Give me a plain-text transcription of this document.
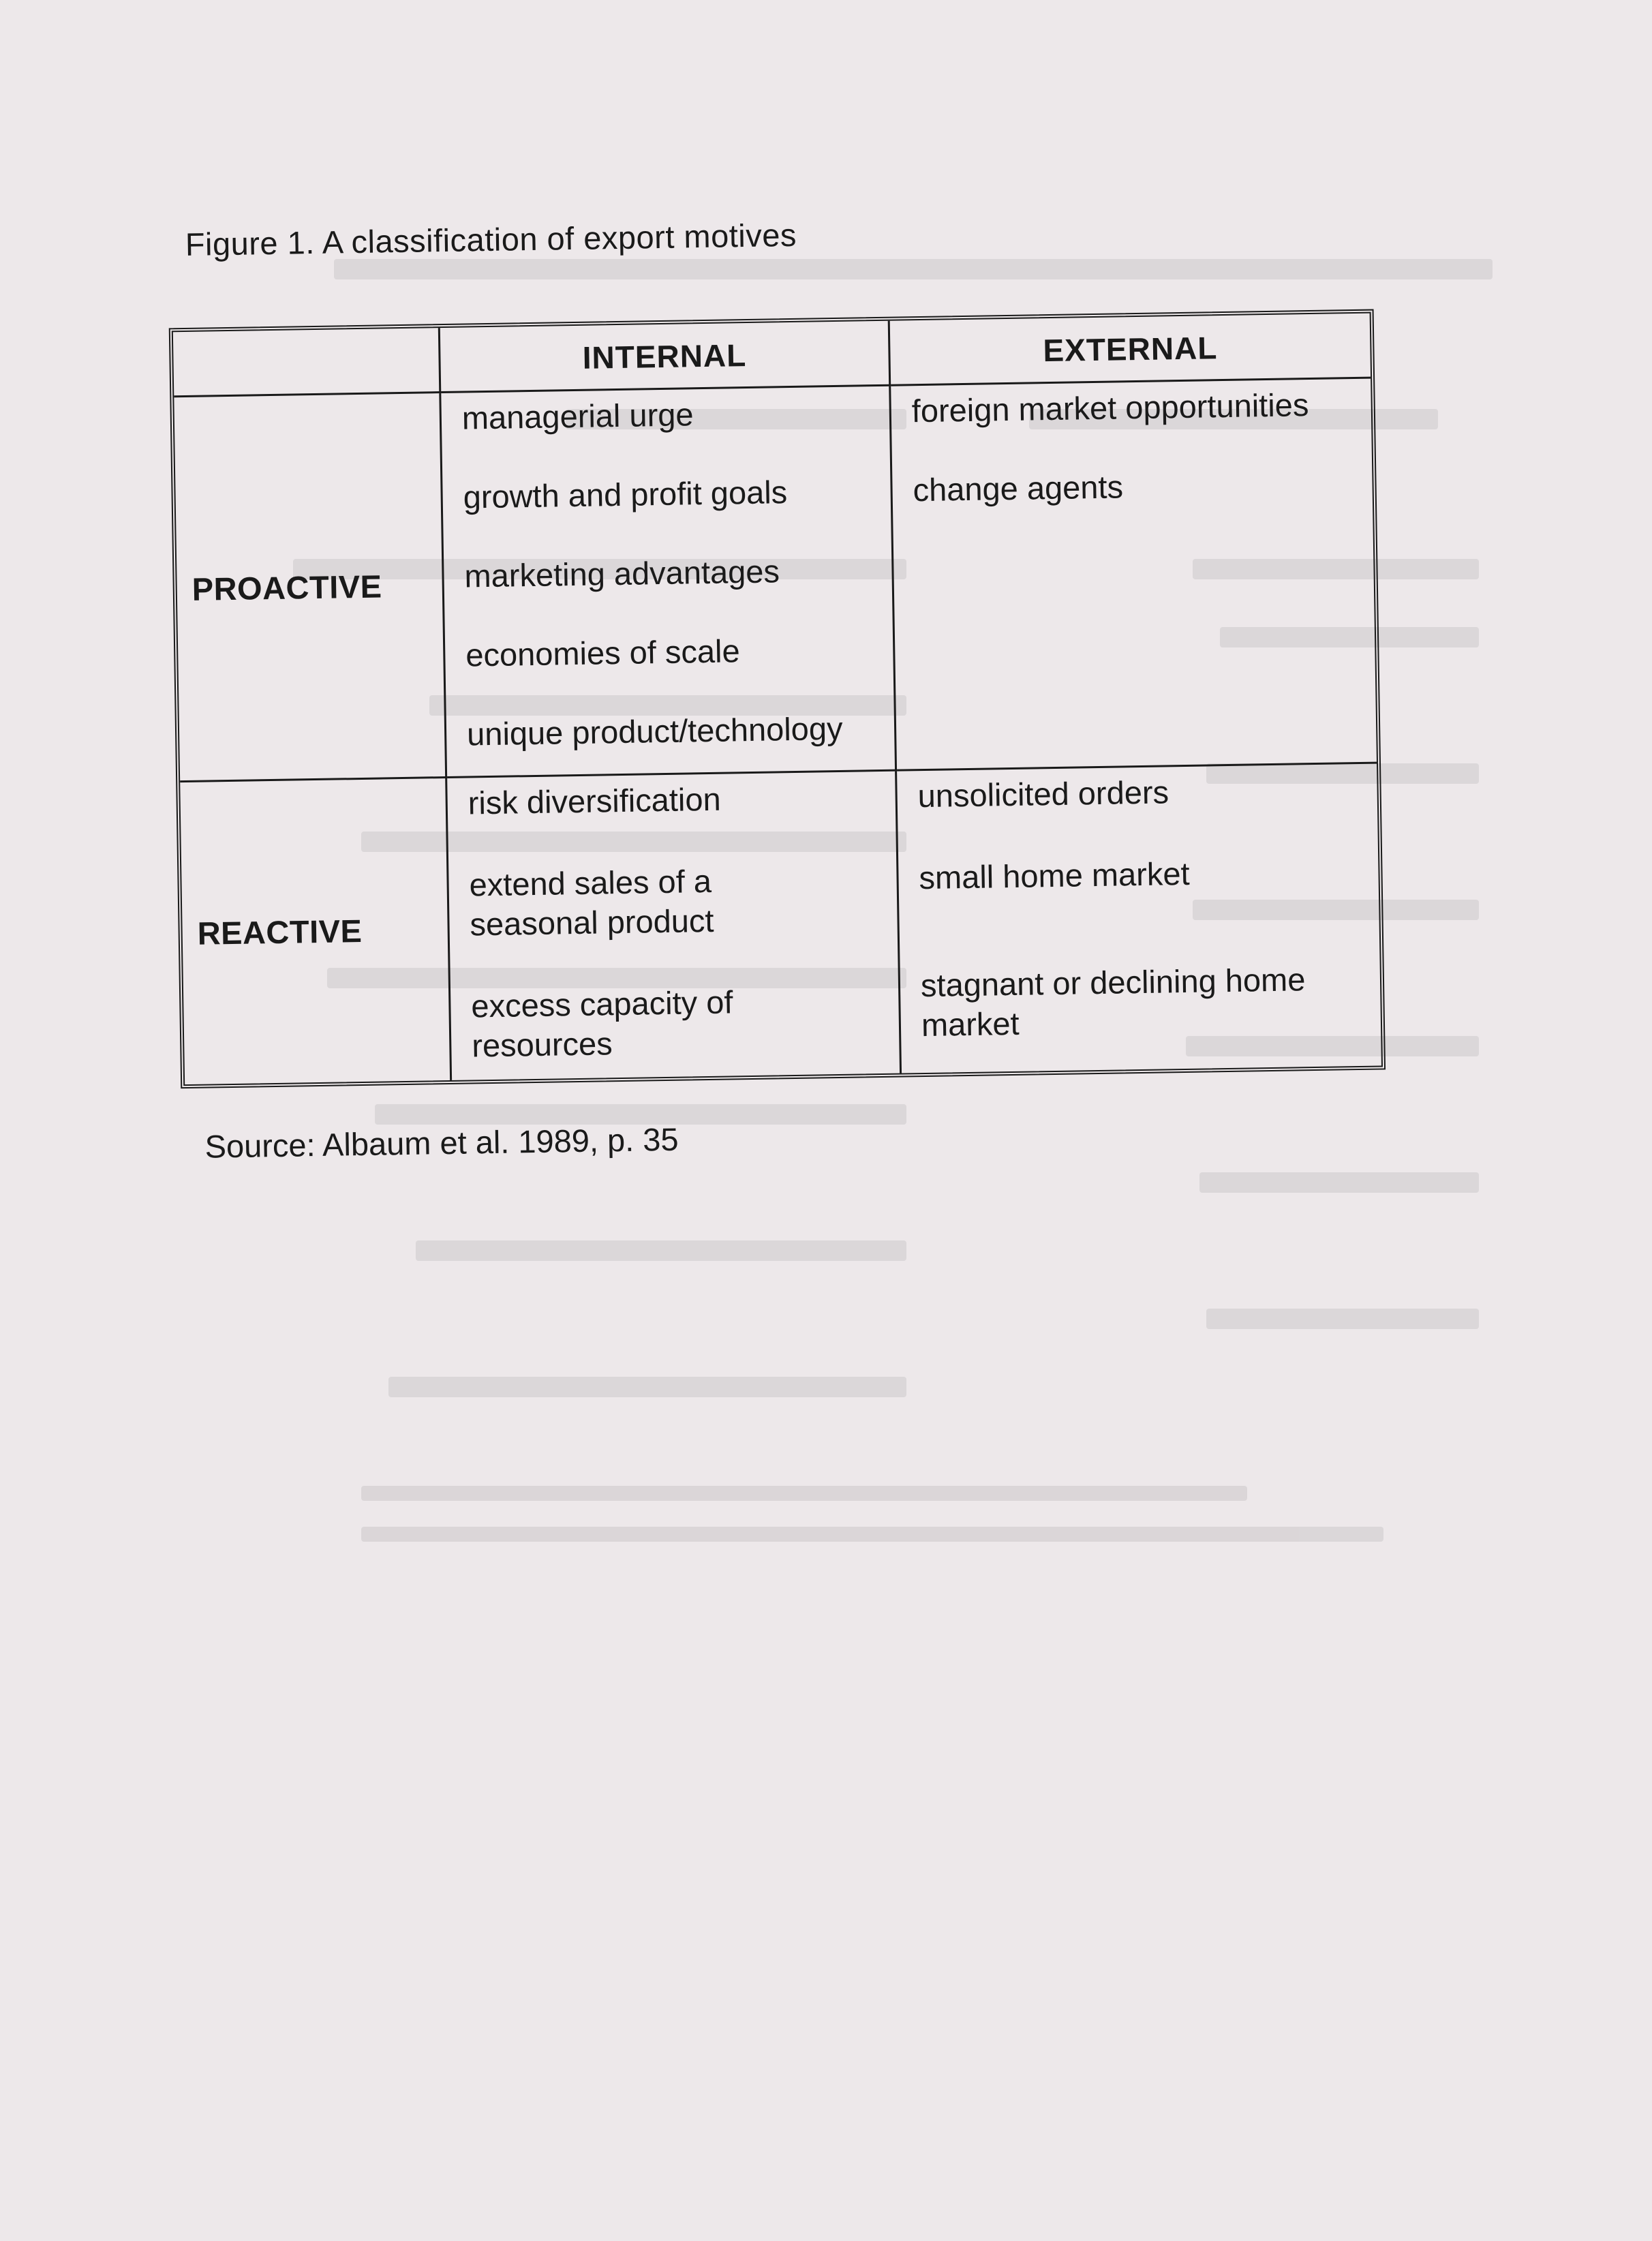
Figure 1. A classification of export motives
INTERNAL	EXTERNAL
PROACTIVE
managerial urge
growth and profit goals
marketing advantages
economies of scale
unique product/technology
foreign market opportunities
change agents
REACTIVE
risk diversification
extend sales of a
seasonal product
excess capacity of
resources
unsolicited orders
small home market
stagnant or declining home
market
Source: Albaum et al. 1989, p. 35
